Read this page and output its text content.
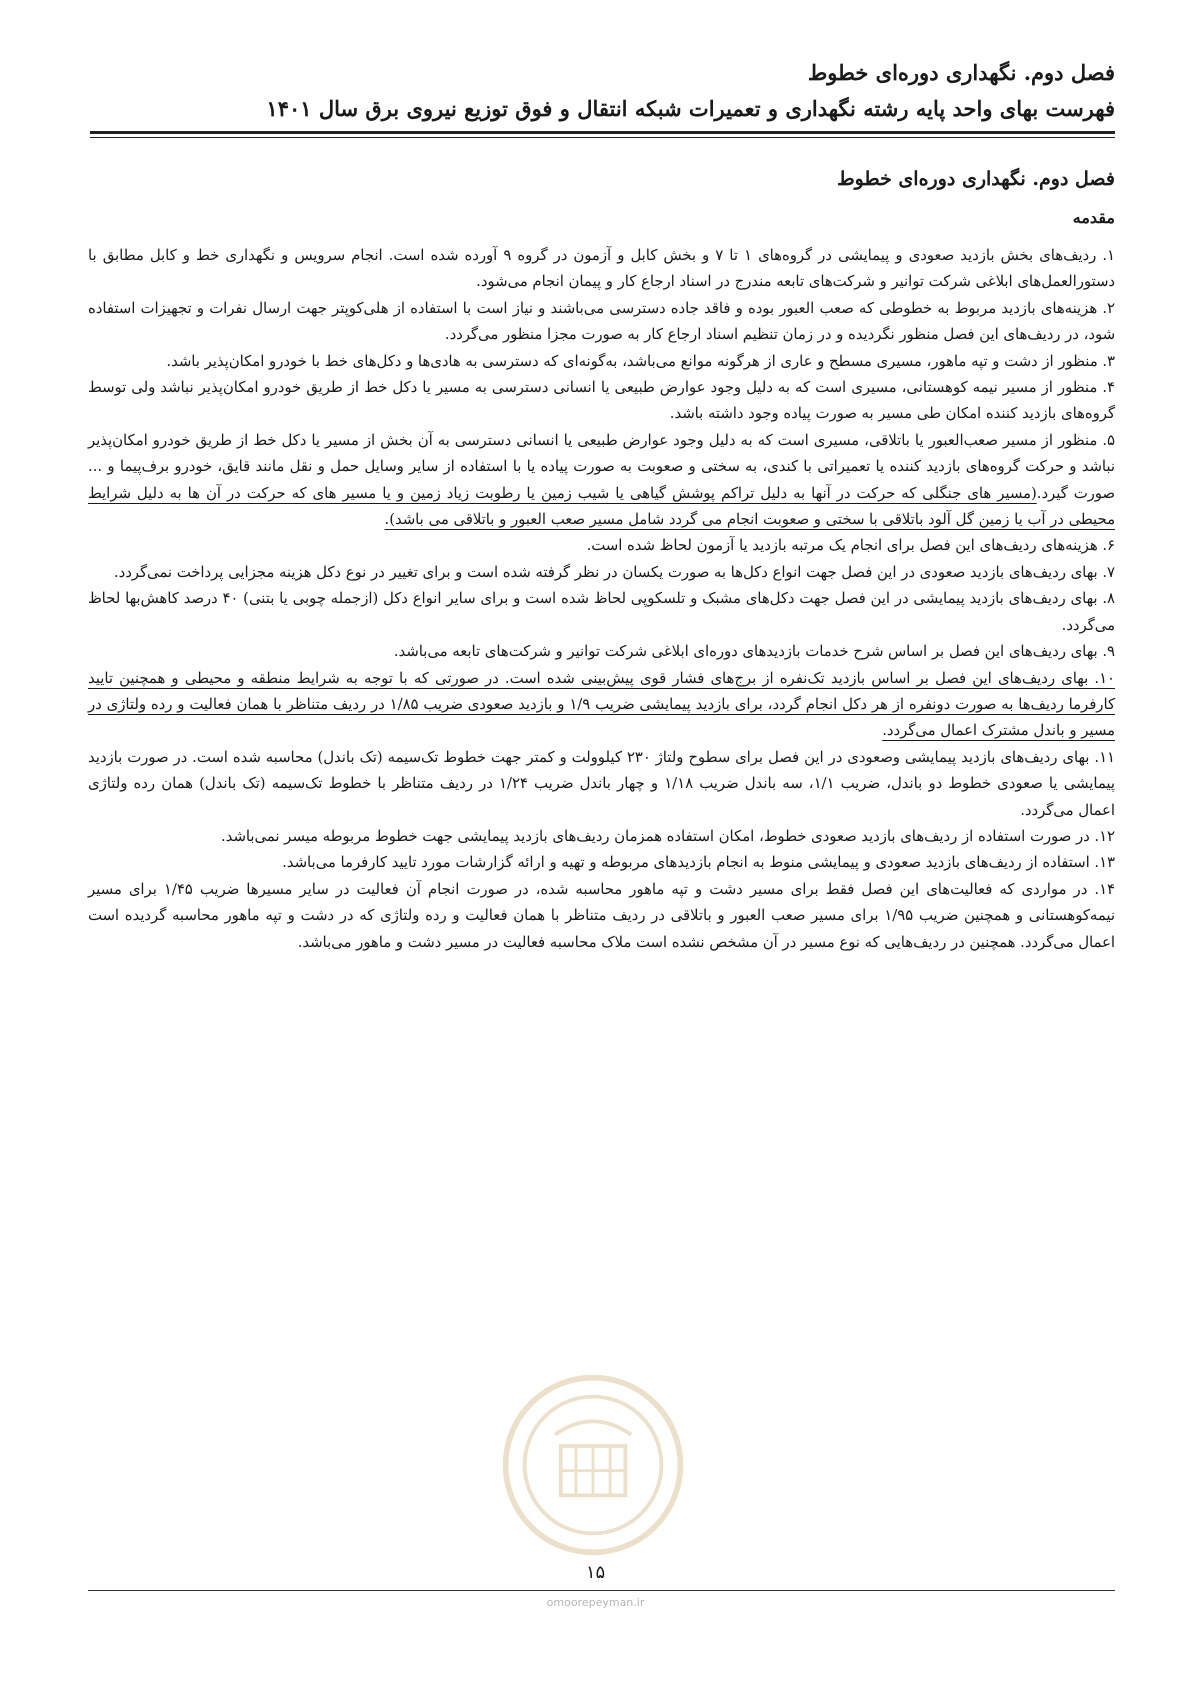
فصل دوم. نگهداری دوره‌ای خطوط
فهرست بهای واحد پایه رشته نگهداری و تعمیرات شبکه انتقال و فوق توزیع نیروی برق سال ۱۴۰۱
فصل دوم. نگهداری دوره‌ای خطوط
مقدمه

۱. ردیف‌های بخش بازدید صعودی و پیمایشی در گروه‌های ۱ تا ۷ و بخش کابل و آزمون در گروه ۹ آورده شده است. انجام سرویس و نگهداری خط و کابل مطابق با دستورالعمل‌های ابلاغی شرکت توانیر و شرکت‌های تابعه مندرج در اسناد ارجاع کار و پیمان انجام می‌شود.

۲. هزینه‌های بازدید مربوط به خطوطی که صعب العبور بوده و فاقد جاده دسترسی می‌باشند و نیاز است با استفاده از هلی‌کوپتر جهت ارسال نفرات و تجهیزات استفاده شود، در ردیف‌های این فصل منظور نگردیده و در زمان تنظیم اسناد ارجاع کار به صورت مجزا منظور می‌گردد.

۳. منظور از دشت و تپه ماهور، مسیری مسطح و عاری از هرگونه موانع می‌باشد، به‌گونه‌ای که دسترسی به هادی‌ها و دکل‌های خط با خودرو امکان‌پذیر باشد.

۴. منظور از مسیر نیمه کوهستانی، مسیری است که به دلیل وجود عوارض طبیعی یا انسانی دسترسی به مسیر یا دکل خط از طریق خودرو امکان‌پذیر نباشد ولی توسط گروه‌های بازدید کننده امکان طی مسیر به صورت پیاده وجود داشته باشد.

۵. منظور از مسیر صعب‌العبور یا باتلاقی، مسیری است که به دلیل وجود عوارض طبیعی یا انسانی دسترسی به آن بخش از مسیر یا دکل خط از طریق خودرو امکان‌پذیر نباشد و حرکت گروه‌های بازدید کننده یا تعمیراتی با کندی، به سختی و صعوبت به صورت پیاده یا با استفاده از سایر وسایل حمل و نقل مانند قایق، خودرو برف‌پیما و ... صورت گیرد.(مسیر های جنگلی که حرکت در آنها به دلیل تراکم پوشش گیاهی یا شیب زمین یا رطوبت زیاد زمین و یا مسیر های که حرکت در آن ها به دلیل شرایط محیطی در آب یا زمین گل آلود باتلاقی با سختی و صعوبت انجام می گردد شامل مسیر صعب العبور و باتلاقی می باشد).

۶. هزینه‌های ردیف‌های این فصل برای انجام یک مرتبه بازدید یا آزمون لحاظ شده است.

۷. بهای ردیف‌های بازدید صعودی در این فصل جهت انواع دکل‌ها به صورت یکسان در نظر گرفته شده است و برای تغییر در نوع دکل هزینه مجزایی پرداخت نمی‌گردد.

۸. بهای ردیف‌های بازدید پیمایشی در این فصل جهت دکل‌های مشبک و تلسکوپی لحاظ شده است و برای سایر انواع دکل (ازجمله چوبی یا بتنی) ۴۰ درصد کاهش‌بها لحاظ می‌گردد.

۹. بهای ردیف‌های این فصل بر اساس شرح خدمات بازدیدهای دوره‌ای ابلاغی شرکت توانیر و شرکت‌های تابعه می‌باشد.

۱۰. بهای ردیف‌های این فصل بر اساس بازدید تک‌نفره از برج‌های فشار قوی پیش‌بینی شده است. در صورتی که با توجه به شرایط منطقه و محیطی و همچنین تایید کارفرما ردیف‌ها به صورت دونفره از هر دکل انجام گردد، برای بازدید پیمایشی ضریب ۱/۹ و بازدید صعودی ضریب ۱/۸۵ در ردیف متناظر با همان فعالیت و رده ولتاژی در مسیر و باندل مشترک اعمال می‌گردد.

۱۱. بهای ردیف‌های بازدید پیمایشی وصعودی در این فصل برای سطوح ولتاژ ۲۳۰ کیلوولت و کمتر جهت خطوط تک‌سیمه (تک باندل) محاسبه شده است. در صورت بازدید پیمایشی یا صعودی خطوط دو باندل، ضریب ۱/۱، سه باندل ضریب ۱/۱۸ و چهار باندل ضریب ۱/۲۴ در ردیف متناظر با خطوط تک‌سیمه (تک باندل) همان رده ولتاژی اعمال می‌گردد.

۱۲. در صورت استفاده از ردیف‌های بازدید صعودی خطوط، امکان استفاده همزمان ردیف‌های بازدید پیمایشی جهت خطوط مربوطه میسر نمی‌باشد.

۱۳. استفاده از ردیف‌های بازدید صعودی و پیمایشی منوط به انجام بازدیدهای مربوطه و تهیه و ارائه گزارشات مورد تایید کارفرما می‌باشد.

۱۴. در مواردی که فعالیت‌های این فصل فقط برای مسیر دشت و تپه ماهور محاسبه شده، در صورت انجام آن فعالیت در سایر مسیرها ضریب ۱/۴۵ برای مسیر نیمه‌کوهستانی و همچنین ضریب ۱/۹۵ برای مسیر صعب العبور و باتلاقی در ردیف متناظر با همان فعالیت و رده ولتاژی که در دشت و تپه ماهور محاسبه گردیده است اعمال می‌گردد. همچنین در ردیف‌هایی که نوع مسیر در آن مشخص نشده است ملاک محاسبه فعالیت در مسیر دشت و ماهور می‌باشد.

۱۵
omoorepeyman.ir
